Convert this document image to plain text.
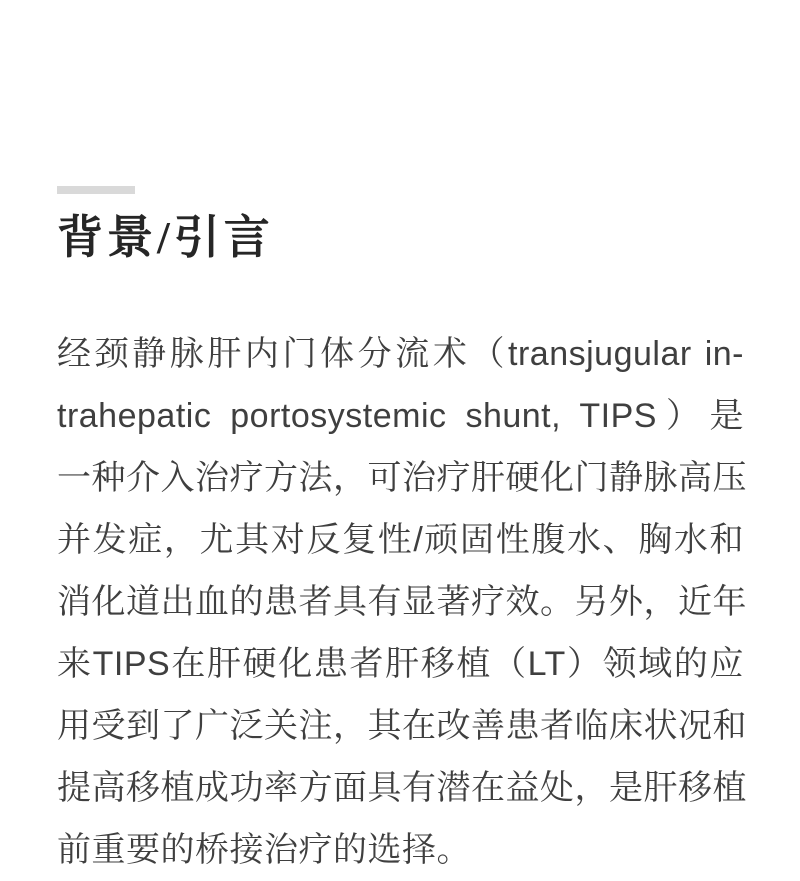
背景/引言
经颈静脉肝内门体分流术（transjugular in-
trahepatic portosystemic shunt, TIPS）是
一种介入治疗方法，可治疗肝硬化门静脉高压
并发症，尤其对反复性/顽固性腹水、胸水和
消化道出血的患者具有显著疗效。另外，近年
来TIPS在肝硬化患者肝移植（LT）领域的应
用受到了广泛关注，其在改善患者临床状况和
提高移植成功率方面具有潜在益处，是肝移植
前重要的桥接治疗的选择。
